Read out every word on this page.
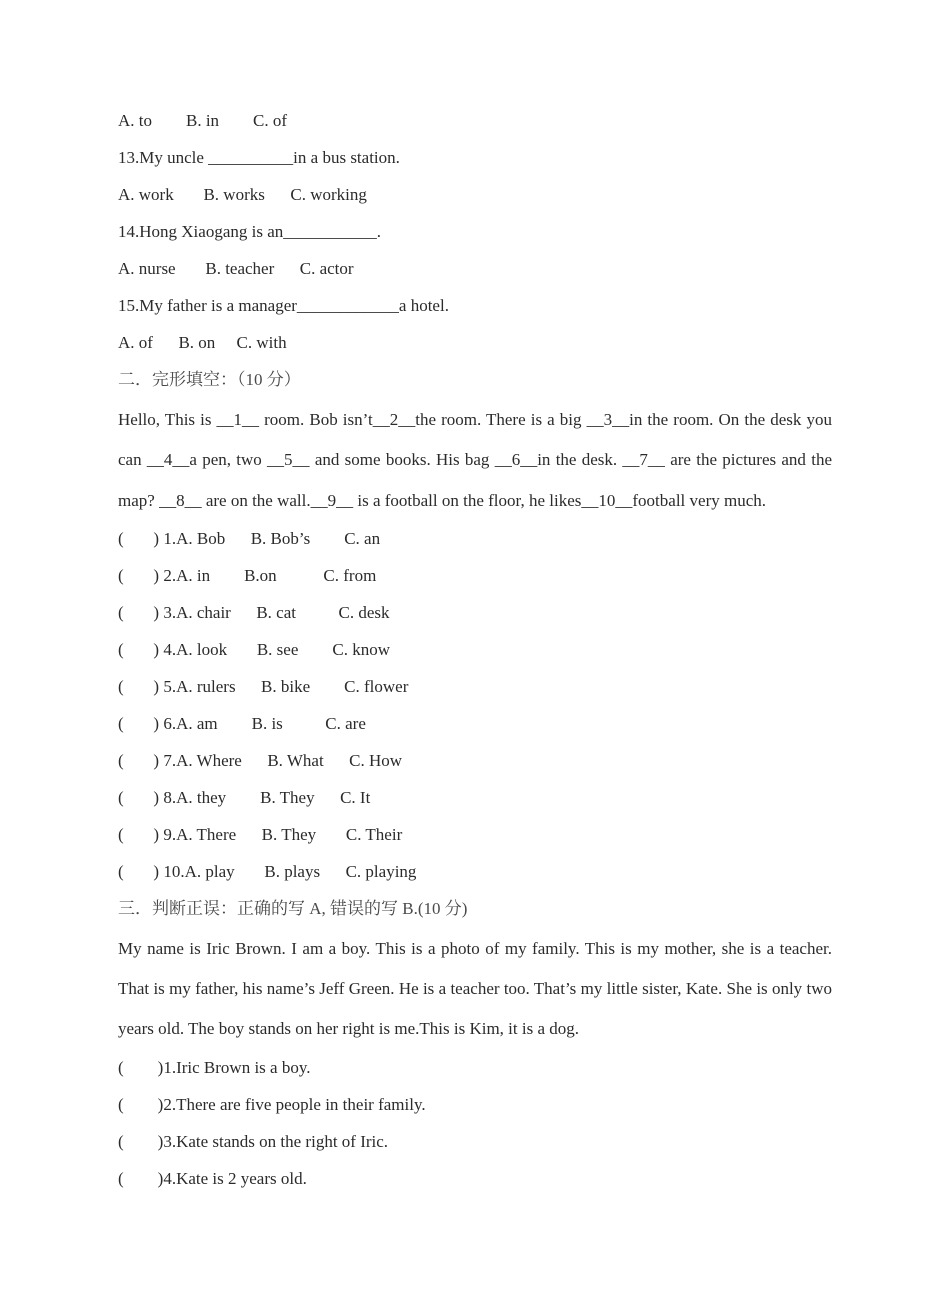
A. to        B. in        C. of
13.My uncle __________in a bus station.
A. work       B. works      C. working
14.Hong Xiaogang is an___________.
A. nurse       B. teacher      C. actor
15.My father is a manager____________a hotel.
A. of      B. on     C. with
二．完形填空：（10 分）

Hello, This is __1__ room. Bob isn’t__2__the room. There is a big __3__in the room. On the desk you can __4__a pen, two __5__ and some books. His bag __6__in the desk. __7__ are the pictures and the map? __8__ are on the wall.__9__ is a football on the floor, he likes__10__football very much.

(       ) 1.A. Bob      B. Bob’s        C. an
(       ) 2.A. in        B.on           C. from
(       ) 3.A. chair      B. cat          C. desk
(       ) 4.A. look       B. see        C. know
(       ) 5.A. rulers      B. bike        C. flower
(       ) 6.A. am        B. is          C. are
(       ) 7.A. Where      B. What      C. How
(       ) 8.A. they        B. They      C. It
(       ) 9.A. There      B. They       C. Their
(       ) 10.A. play       B. plays      C. playing
三．判断正误：正确的写 A, 错误的写 B.(10 分)

My name is Iric Brown. I am a boy. This is a photo of my family. This is my mother, she is a teacher. That is my father, his name’s Jeff Green. He is a teacher too. That’s my little sister, Kate. She is only two years old. The boy stands on her right is me.This is Kim, it is a dog.

(        )1.Iric Brown is a boy.
(        )2.There are five people in their family.
(        )3.Kate stands on the right of Iric.
(        )4.Kate is 2 years old.
